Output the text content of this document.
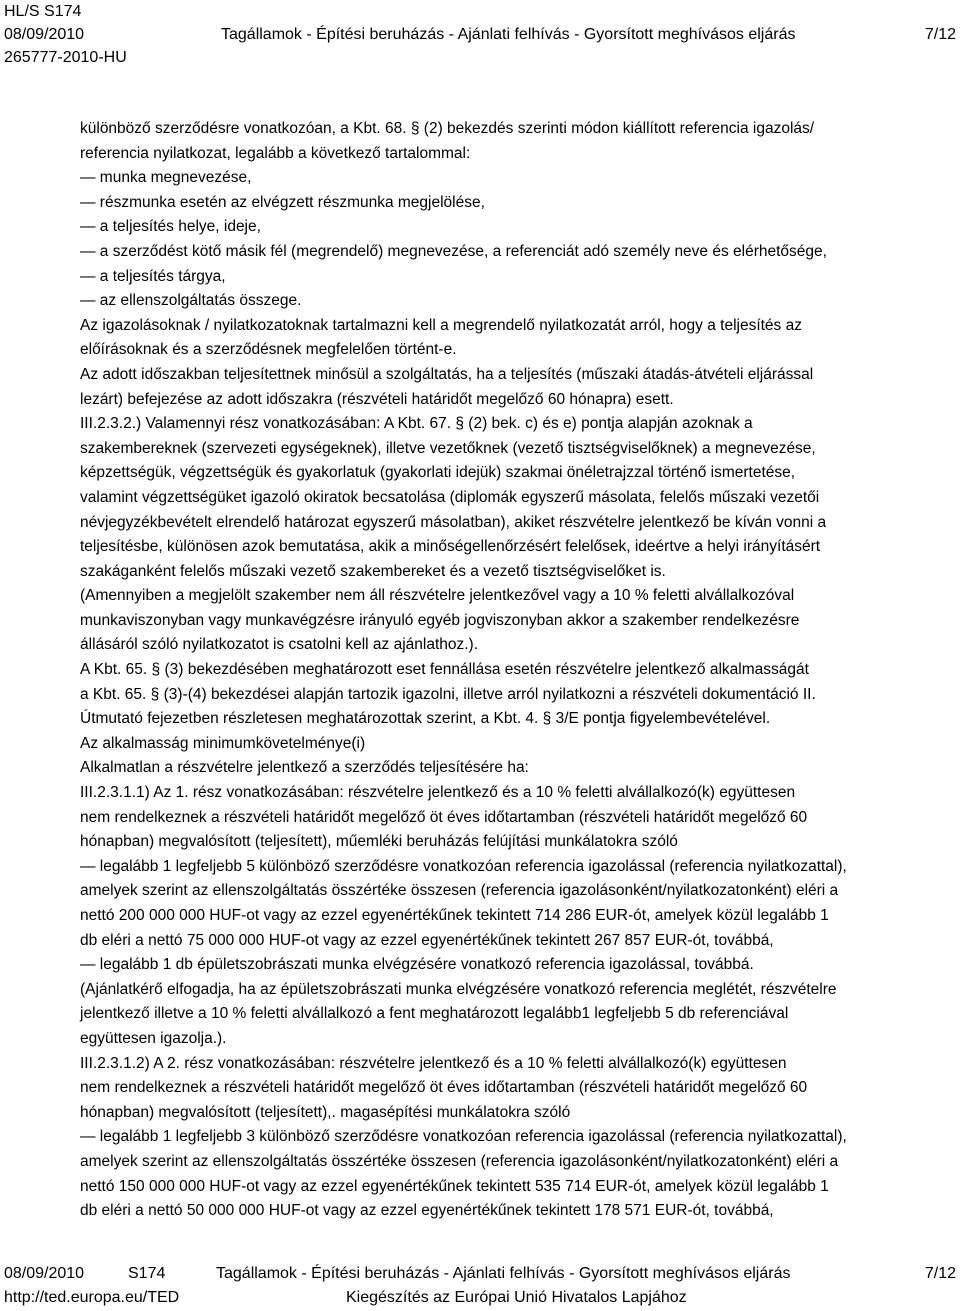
HL/S S174
08/09/2010	Tagállamok - Építési beruházás - Ajánlati felhívás - Gyorsított meghívásos eljárás	7/12
265777-2010-HU

különböző szerződésre vonatkozóan, a Kbt. 68. § (2) bekezdés szerinti módon kiállított referencia igazolás/

referencia nyilatkozat, legalább a következő tartalommal:

— munka megnevezése,

— részmunka esetén az elvégzett részmunka megjelölése,

— a teljesítés helye, ideje,

— a szerződést kötő másik fél (megrendelő) megnevezése, a referenciát adó személy neve és elérhetősége,

— a teljesítés tárgya,

— az ellenszolgáltatás összege.

Az igazolásoknak / nyilatkozatoknak tartalmazni kell a megrendelő nyilatkozatát arról, hogy a teljesítés az

előírásoknak és a szerződésnek megfelelően történt-e.

Az adott időszakban teljesítettnek minősül a szolgáltatás, ha a teljesítés (műszaki átadás-átvételi eljárással

lezárt) befejezése az adott időszakra (részvételi határidőt megelőző 60 hónapra) esett.

III.2.3.2.) Valamennyi rész vonatkozásában: A Kbt. 67. § (2) bek. c) és e) pontja alapján azoknak a

szakembereknek (szervezeti egységeknek), illetve vezetőknek (vezető tisztségviselőknek) a megnevezése,

képzettségük, végzettségük és gyakorlatuk (gyakorlati idejük) szakmai önéletrajzzal történő ismertetése,

valamint végzettségüket igazoló okiratok becsatolása (diplomák egyszerű másolata, felelős műszaki vezetői

névjegyzékbevételt elrendelő határozat egyszerű másolatban), akiket részvételre jelentkező be kíván vonni a

teljesítésbe, különösen azok bemutatása, akik a minőségellenőrzésért felelősek, ideértve a helyi irányításért

szakáganként felelős műszaki vezető szakembereket és a vezető tisztségviselőket is.

(Amennyiben a megjelölt szakember nem áll részvételre jelentkezővel vagy a 10 % feletti alvállalkozóval

munkaviszonyban vagy munkavégzésre irányuló egyéb jogviszonyban akkor a szakember rendelkezésre

állásáról szóló nyilatkozatot is csatolni kell az ajánlathoz.).

A Kbt. 65. § (3) bekezdésében meghatározott eset fennállása esetén részvételre jelentkező alkalmasságát

a Kbt. 65. § (3)-(4) bekezdései alapján tartozik igazolni, illetve arról nyilatkozni a részvételi dokumentáció II.

Útmutató fejezetben részletesen meghatározottak szerint, a Kbt. 4. § 3/E pontja figyelembevételével.

Az alkalmasság minimumkövetelménye(i)

Alkalmatlan a részvételre jelentkező a szerződés teljesítésére ha:

III.2.3.1.1) Az 1. rész vonatkozásában: részvételre jelentkező és a 10 % feletti alvállalkozó(k) együttesen

nem rendelkeznek a részvételi határidőt megelőző öt éves időtartamban (részvételi határidőt megelőző 60

hónapban) megvalósított (teljesített), műemléki beruházás felújítási munkálatokra szóló

— legalább 1 legfeljebb 5 különböző szerződésre vonatkozóan referencia igazolással (referencia nyilatkozattal),

amelyek szerint az ellenszolgáltatás összértéke összesen (referencia igazolásonként/nyilatkozatonként) eléri a

nettó 200 000 000 HUF-ot vagy az ezzel egyenértékűnek tekintett 714 286 EUR-ót, amelyek közül legalább 1

db eléri a nettó 75 000 000 HUF-ot vagy az ezzel egyenértékűnek tekintett 267 857 EUR-ót, továbbá,

— legalább 1 db épületszobrászati munka elvégzésére vonatkozó referencia igazolással, továbbá.

(Ajánlatkérő elfogadja, ha az épületszobrászati munka elvégzésére vonatkozó referencia meglétét, részvételre

jelentkező illetve a 10 % feletti alvállalkozó a fent meghatározott legalább1 legfeljebb 5 db referenciával

együttesen igazolja.).

III.2.3.1.2) A 2. rész vonatkozásában: részvételre jelentkező és a 10 % feletti alvállalkozó(k) együttesen

nem rendelkeznek a részvételi határidőt megelőző öt éves időtartamban (részvételi határidőt megelőző 60

hónapban) megvalósított (teljesített),. magasépítési munkálatokra szóló

— legalább 1 legfeljebb 3 különböző szerződésre vonatkozóan referencia igazolással (referencia nyilatkozattal),

amelyek szerint az ellenszolgáltatás összértéke összesen (referencia igazolásonként/nyilatkozatonként) eléri a

nettó 150 000 000 HUF-ot vagy az ezzel egyenértékűnek tekintett 535 714 EUR-ót, amelyek közül legalább 1

db eléri a nettó 50 000 000 HUF-ot vagy az ezzel egyenértékűnek tekintett 178 571 EUR-ót, továbbá,

08/09/2010	S174	Tagállamok - Építési beruházás - Ajánlati felhívás - Gyorsított meghívásos eljárás	7/12
http://ted.europa.eu/TED	Kiegészítés az Európai Unió Hivatalos Lapjához
